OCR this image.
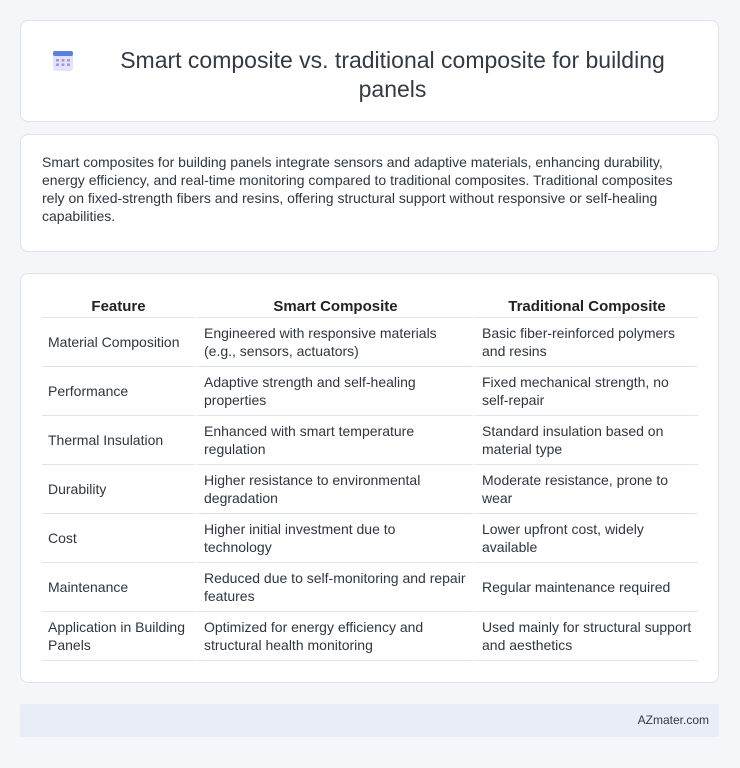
Smart composite vs. traditional composite for building panels

Smart composites for building panels integrate sensors and adaptive materials, enhancing durability, energy efficiency, and real-time monitoring compared to traditional composites. Traditional composites rely on fixed-strength fibers and resins, offering structural support without responsive or self-healing capabilities.

Feature	Smart Composite	Traditional Composite
Material Composition	Engineered with responsive materials (e.g., sensors, actuators)	Basic fiber-reinforced polymers and resins
Performance	Adaptive strength and self-healing properties	Fixed mechanical strength, no self-repair
Thermal Insulation	Enhanced with smart temperature regulation	Standard insulation based on material type
Durability	Higher resistance to environmental degradation	Moderate resistance, prone to wear
Cost	Higher initial investment due to technology	Lower upfront cost, widely available
Maintenance	Reduced due to self-monitoring and repair features	Regular maintenance required
Application in Building Panels	Optimized for energy efficiency and structural health monitoring	Used mainly for structural support and aesthetics
AZmater.com
